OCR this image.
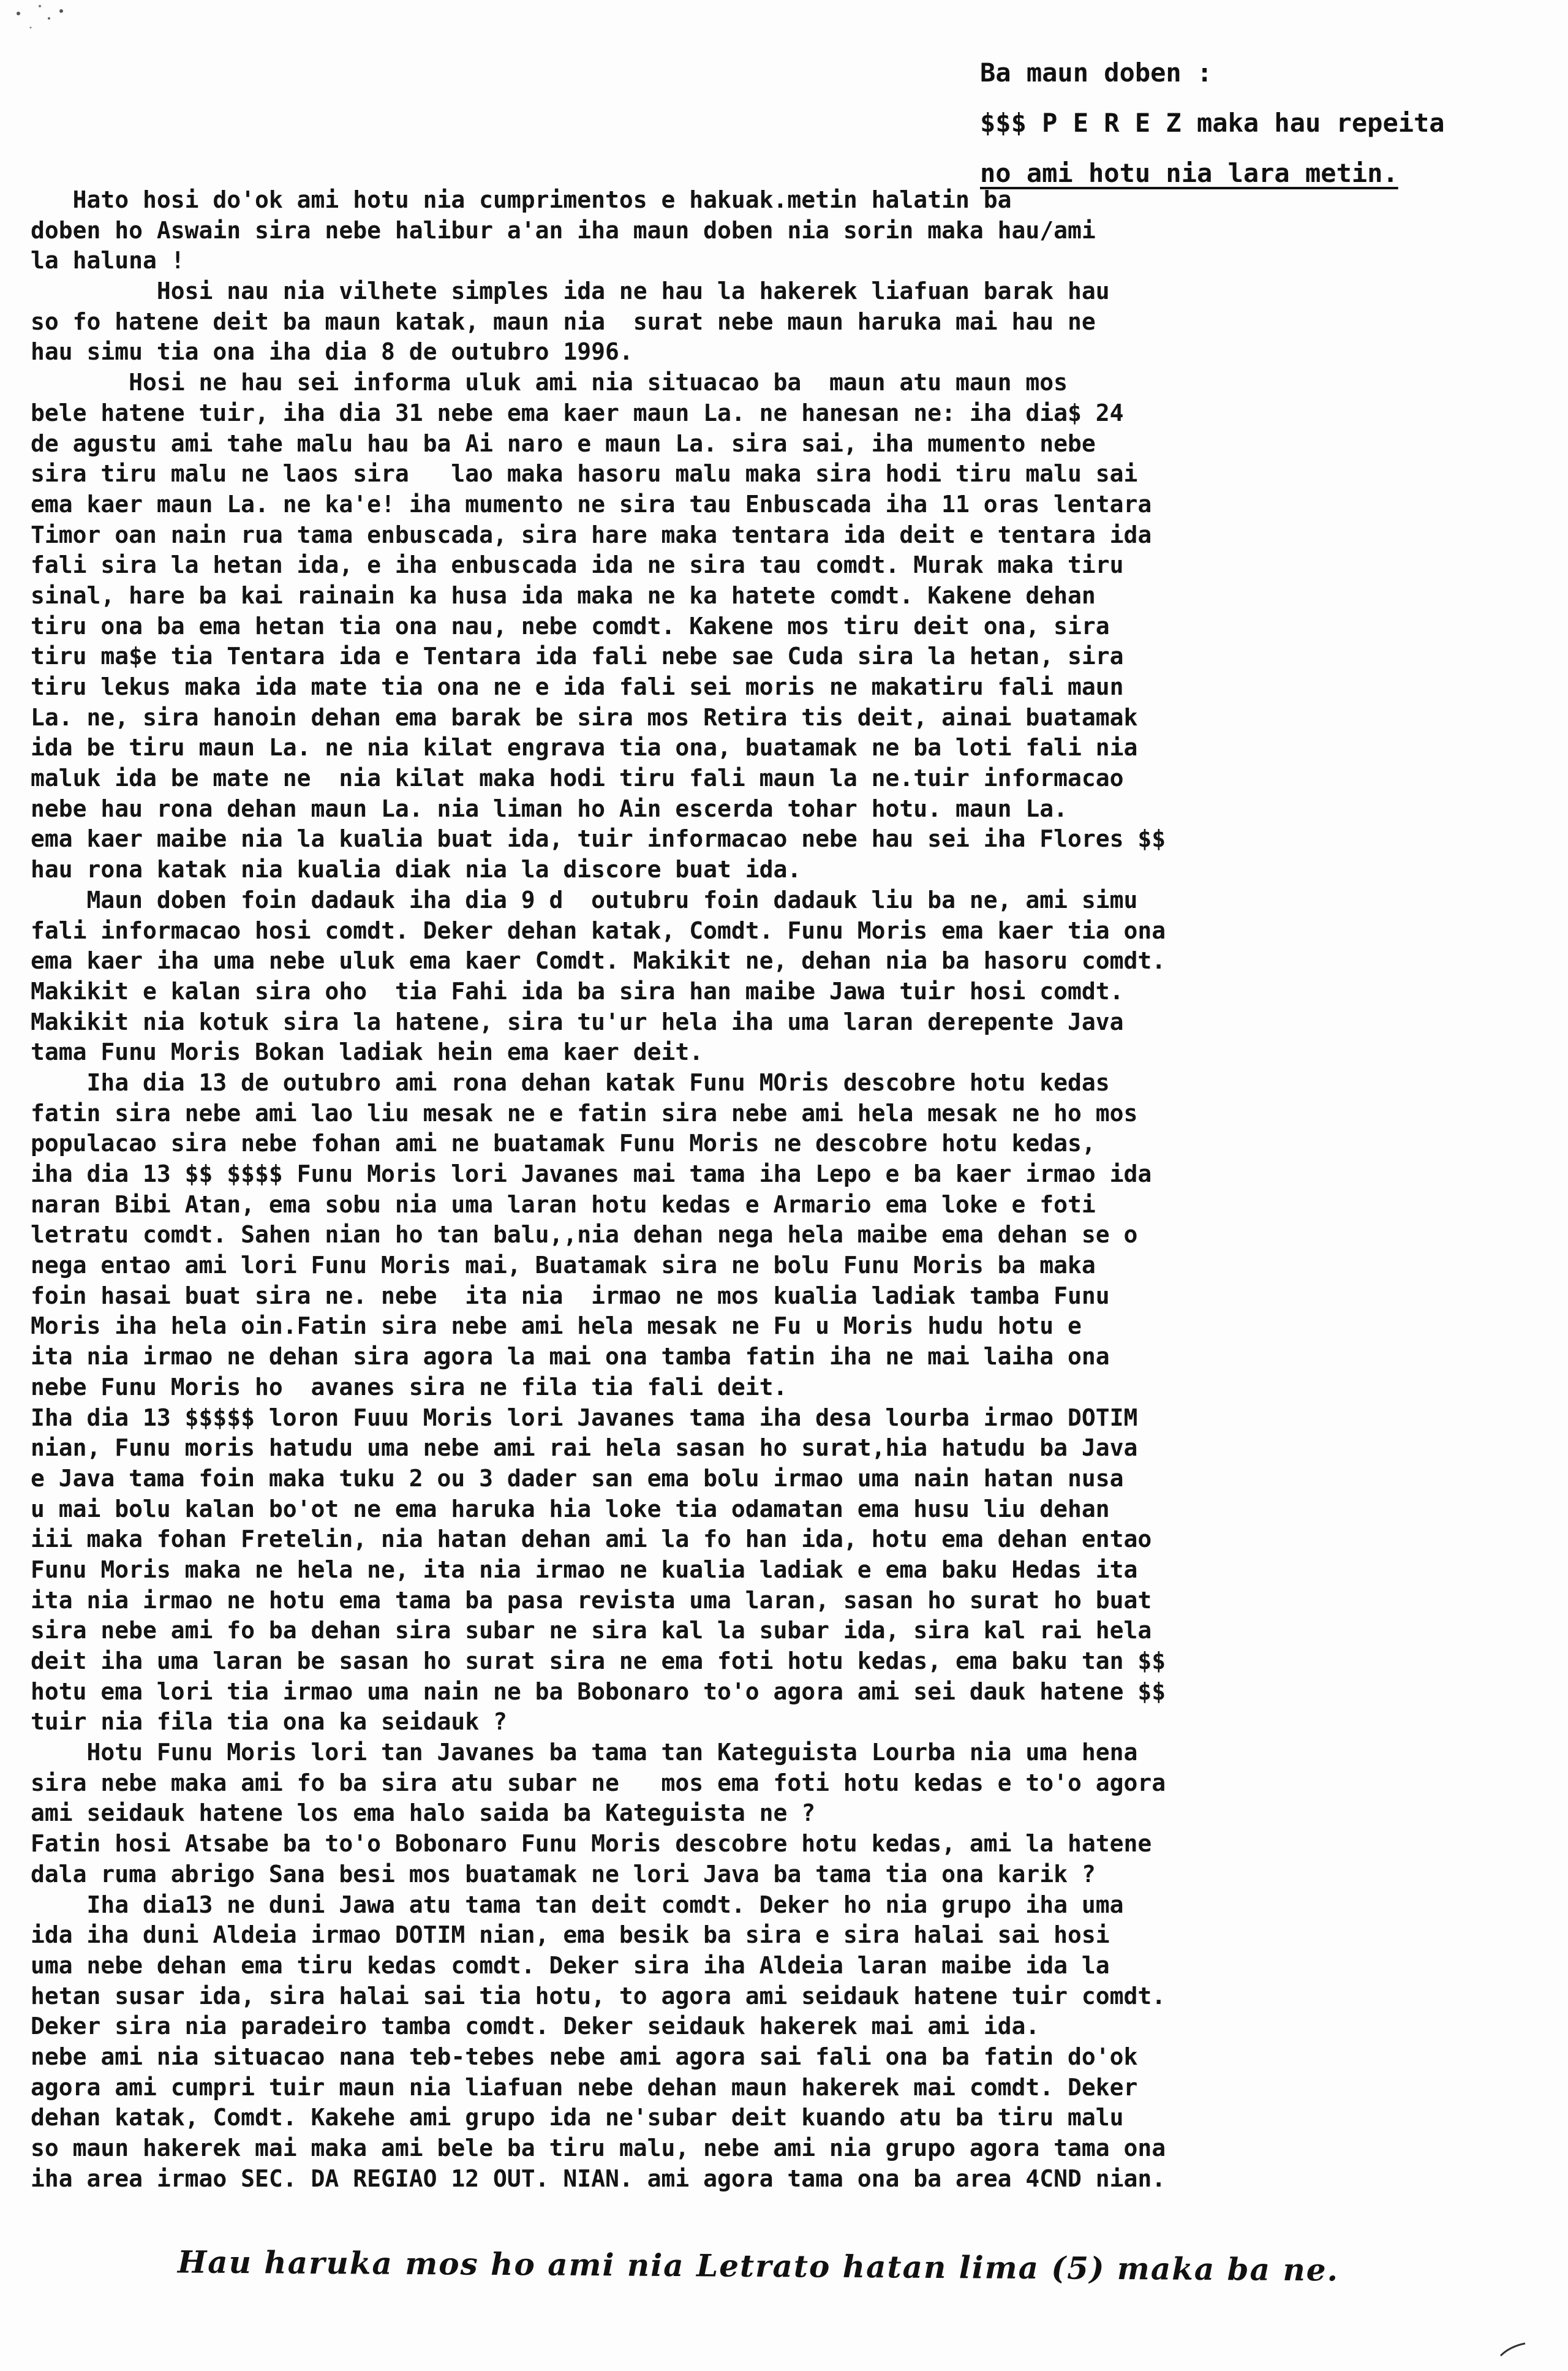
Ba maun doben :
$$$ P E R E Z maka hau repeita
no ami hotu nia lara metin.
Hato hosi do'ok ami hotu nia cumprimentos e hakuak.metin halatin ba
doben ho Aswain sira nebe halibur a'an iha maun doben nia sorin maka hau/ami
la haluna !
Hosi nau nia vilhete simples ida ne hau la hakerek liafuan barak hau
so fo hatene deit ba maun katak, maun nia  surat nebe maun haruka mai hau ne
hau simu tia ona iha dia 8 de outubro 1996.
Hosi ne hau sei informa uluk ami nia situacao ba  maun atu maun mos
bele hatene tuir, iha dia 31 nebe ema kaer maun La. ne hanesan ne: iha dia$ 24
de agustu ami tahe malu hau ba Ai naro e maun La. sira sai, iha mumento nebe
sira tiru malu ne laos sira   lao maka hasoru malu maka sira hodi tiru malu sai
ema kaer maun La. ne ka'e! iha mumento ne sira tau Enbuscada iha 11 oras lentara
Timor oan nain rua tama enbuscada, sira hare maka tentara ida deit e tentara ida
fali sira la hetan ida, e iha enbuscada ida ne sira tau comdt. Murak maka tiru
sinal, hare ba kai rainain ka husa ida maka ne ka hatete comdt. Kakene dehan
tiru ona ba ema hetan tia ona nau, nebe comdt. Kakene mos tiru deit ona, sira
tiru ma$e tia Tentara ida e Tentara ida fali nebe sae Cuda sira la hetan, sira
tiru lekus maka ida mate tia ona ne e ida fali sei moris ne makatiru fali maun
La. ne, sira hanoin dehan ema barak be sira mos Retira tis deit, ainai buatamak
ida be tiru maun La. ne nia kilat engrava tia ona, buatamak ne ba loti fali nia
maluk ida be mate ne  nia kilat maka hodi tiru fali maun la ne.tuir informacao
nebe hau rona dehan maun La. nia liman ho Ain escerda tohar hotu. maun La.
ema kaer maibe nia la kualia buat ida, tuir informacao nebe hau sei iha Flores $$
hau rona katak nia kualia diak nia la discore buat ida.
Maun doben foin dadauk iha dia 9 d  outubru foin dadauk liu ba ne, ami simu
fali informacao hosi comdt. Deker dehan katak, Comdt. Funu Moris ema kaer tia ona
ema kaer iha uma nebe uluk ema kaer Comdt. Makikit ne, dehan nia ba hasoru comdt.
Makikit e kalan sira oho  tia Fahi ida ba sira han maibe Jawa tuir hosi comdt.
Makikit nia kotuk sira la hatene, sira tu'ur hela iha uma laran derepente Java
tama Funu Moris Bokan ladiak hein ema kaer deit.
Iha dia 13 de outubro ami rona dehan katak Funu MOris descobre hotu kedas
fatin sira nebe ami lao liu mesak ne e fatin sira nebe ami hela mesak ne ho mos
populacao sira nebe fohan ami ne buatamak Funu Moris ne descobre hotu kedas,
iha dia 13 $$ $$$$ Funu Moris lori Javanes mai tama iha Lepo e ba kaer irmao ida
naran Bibi Atan, ema sobu nia uma laran hotu kedas e Armario ema loke e foti
letratu comdt. Sahen nian ho tan balu,,nia dehan nega hela maibe ema dehan se o
nega entao ami lori Funu Moris mai, Buatamak sira ne bolu Funu Moris ba maka
foin hasai buat sira ne. nebe  ita nia  irmao ne mos kualia ladiak tamba Funu
Moris iha hela oin.Fatin sira nebe ami hela mesak ne Fu u Moris hudu hotu e
ita nia irmao ne dehan sira agora la mai ona tamba fatin iha ne mai laiha ona
nebe Funu Moris ho  avanes sira ne fila tia fali deit.
Iha dia 13 $$$$$ loron Fuuu Moris lori Javanes tama iha desa lourba irmao DOTIM
nian, Funu moris hatudu uma nebe ami rai hela sasan ho surat,hia hatudu ba Java
e Java tama foin maka tuku 2 ou 3 dader san ema bolu irmao uma nain hatan nusa
u mai bolu kalan bo'ot ne ema haruka hia loke tia odamatan ema husu liu dehan
iii maka fohan Fretelin, nia hatan dehan ami la fo han ida, hotu ema dehan entao
Funu Moris maka ne hela ne, ita nia irmao ne kualia ladiak e ema baku Hedas ita
ita nia irmao ne hotu ema tama ba pasa revista uma laran, sasan ho surat ho buat
sira nebe ami fo ba dehan sira subar ne sira kal la subar ida, sira kal rai hela
deit iha uma laran be sasan ho surat sira ne ema foti hotu kedas, ema baku tan $$
hotu ema lori tia irmao uma nain ne ba Bobonaro to'o agora ami sei dauk hatene $$
tuir nia fila tia ona ka seidauk ?
Hotu Funu Moris lori tan Javanes ba tama tan Kateguista Lourba nia uma hena
sira nebe maka ami fo ba sira atu subar ne   mos ema foti hotu kedas e to'o agora
ami seidauk hatene los ema halo saida ba Kateguista ne ?
Fatin hosi Atsabe ba to'o Bobonaro Funu Moris descobre hotu kedas, ami la hatene
dala ruma abrigo Sana besi mos buatamak ne lori Java ba tama tia ona karik ?
Iha dia13 ne duni Jawa atu tama tan deit comdt. Deker ho nia grupo iha uma
ida iha duni Aldeia irmao DOTIM nian, ema besik ba sira e sira halai sai hosi
uma nebe dehan ema tiru kedas comdt. Deker sira iha Aldeia laran maibe ida la
hetan susar ida, sira halai sai tia hotu, to agora ami seidauk hatene tuir comdt.
Deker sira nia paradeiro tamba comdt. Deker seidauk hakerek mai ami ida.
nebe ami nia situacao nana teb-tebes nebe ami agora sai fali ona ba fatin do'ok
agora ami cumpri tuir maun nia liafuan nebe dehan maun hakerek mai comdt. Deker
dehan katak, Comdt. Kakehe ami grupo ida ne'subar deit kuando atu ba tiru malu
so maun hakerek mai maka ami bele ba tiru malu, nebe ami nia grupo agora tama ona
iha area irmao SEC. DA REGIAO 12 OUT. NIAN. ami agora tama ona ba area 4CND nian.
Hau haruka mos ho ami nia Letrato hatan lima (5) maka ba ne.
